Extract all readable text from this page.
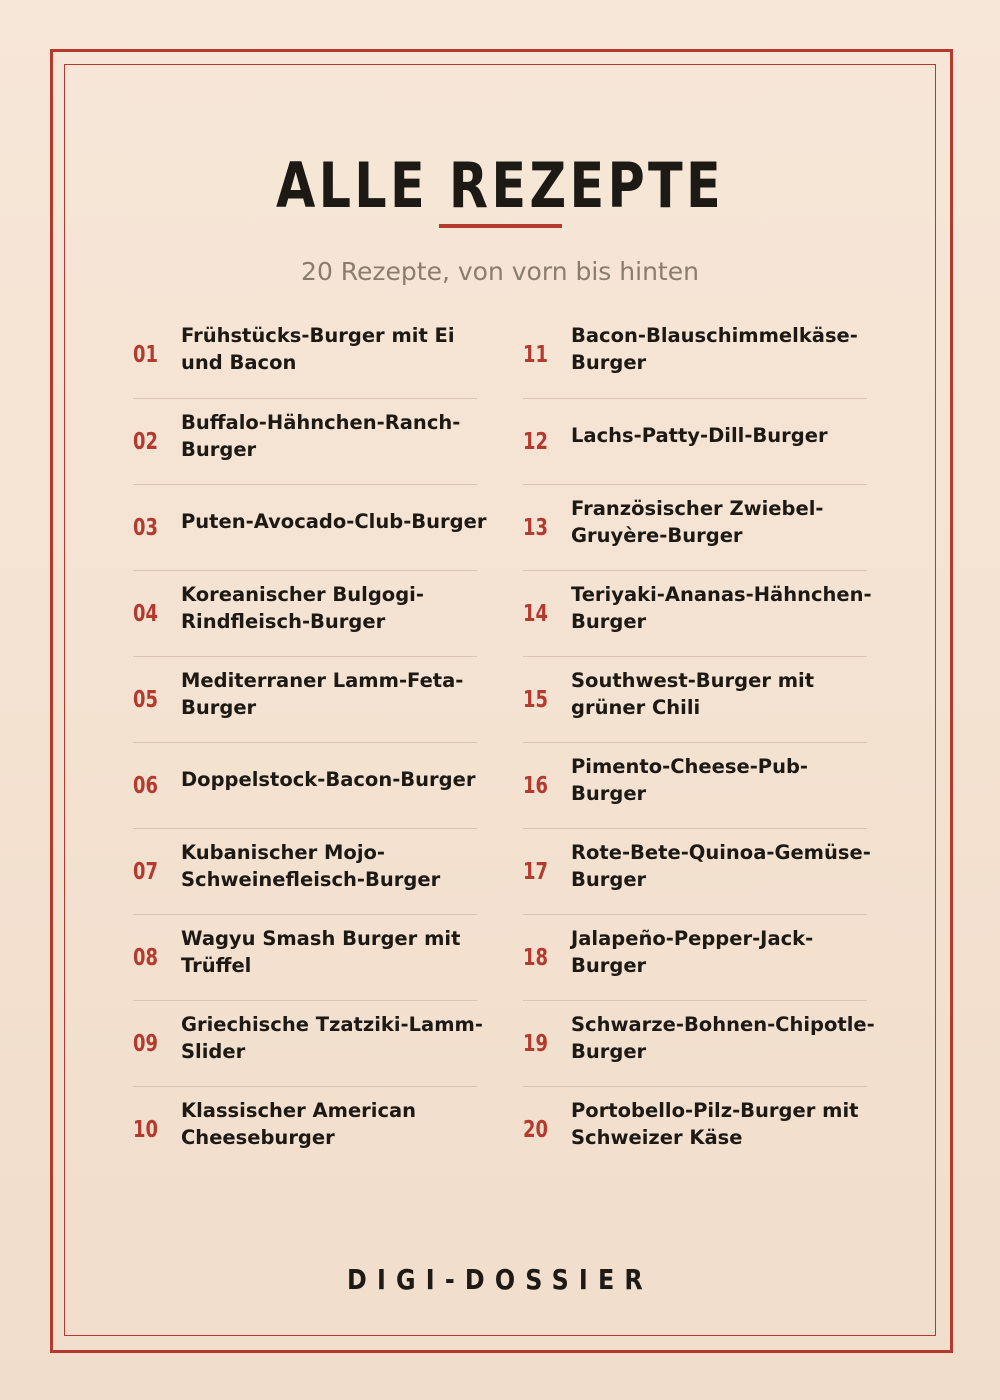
ALLE REZEPTE
20 Rezepte, von vorn bis hinten
01
Frühstücks-Burger mit Ei und Bacon
02
Buffalo-Hähnchen-Ranch-Burger
03 Puten-Avocado-Club-Burger
04
Koreanischer Bulgogi-Rindfleisch-Burger
05
Mediterraner Lamm-Feta-Burger
06 Doppelstock-Bacon-Burger
07
Kubanischer Mojo-Schweinefleisch-Burger
08
Wagyu Smash Burger mit Trüffel
09
Griechische Tzatziki-Lamm-Slider
10
Klassischer American Cheeseburger
11
Bacon-Blauschimmelkäse-Burger
12 Lachs-Patty-Dill-Burger
13
Französischer Zwiebel-Gruyère-Burger
14
Teriyaki-Ananas-Hähnchen-Burger
15
Southwest-Burger mit grüner Chili
16
Pimento-Cheese-Pub-Burger
17
Rote-Bete-Quinoa-Gemüse-Burger
18
Jalapeño-Pepper-Jack-Burger
19
Schwarze-Bohnen-Chipotle-Burger
20
Portobello-Pilz-Burger mit Schweizer Käse
DIGI-DOSSIER
